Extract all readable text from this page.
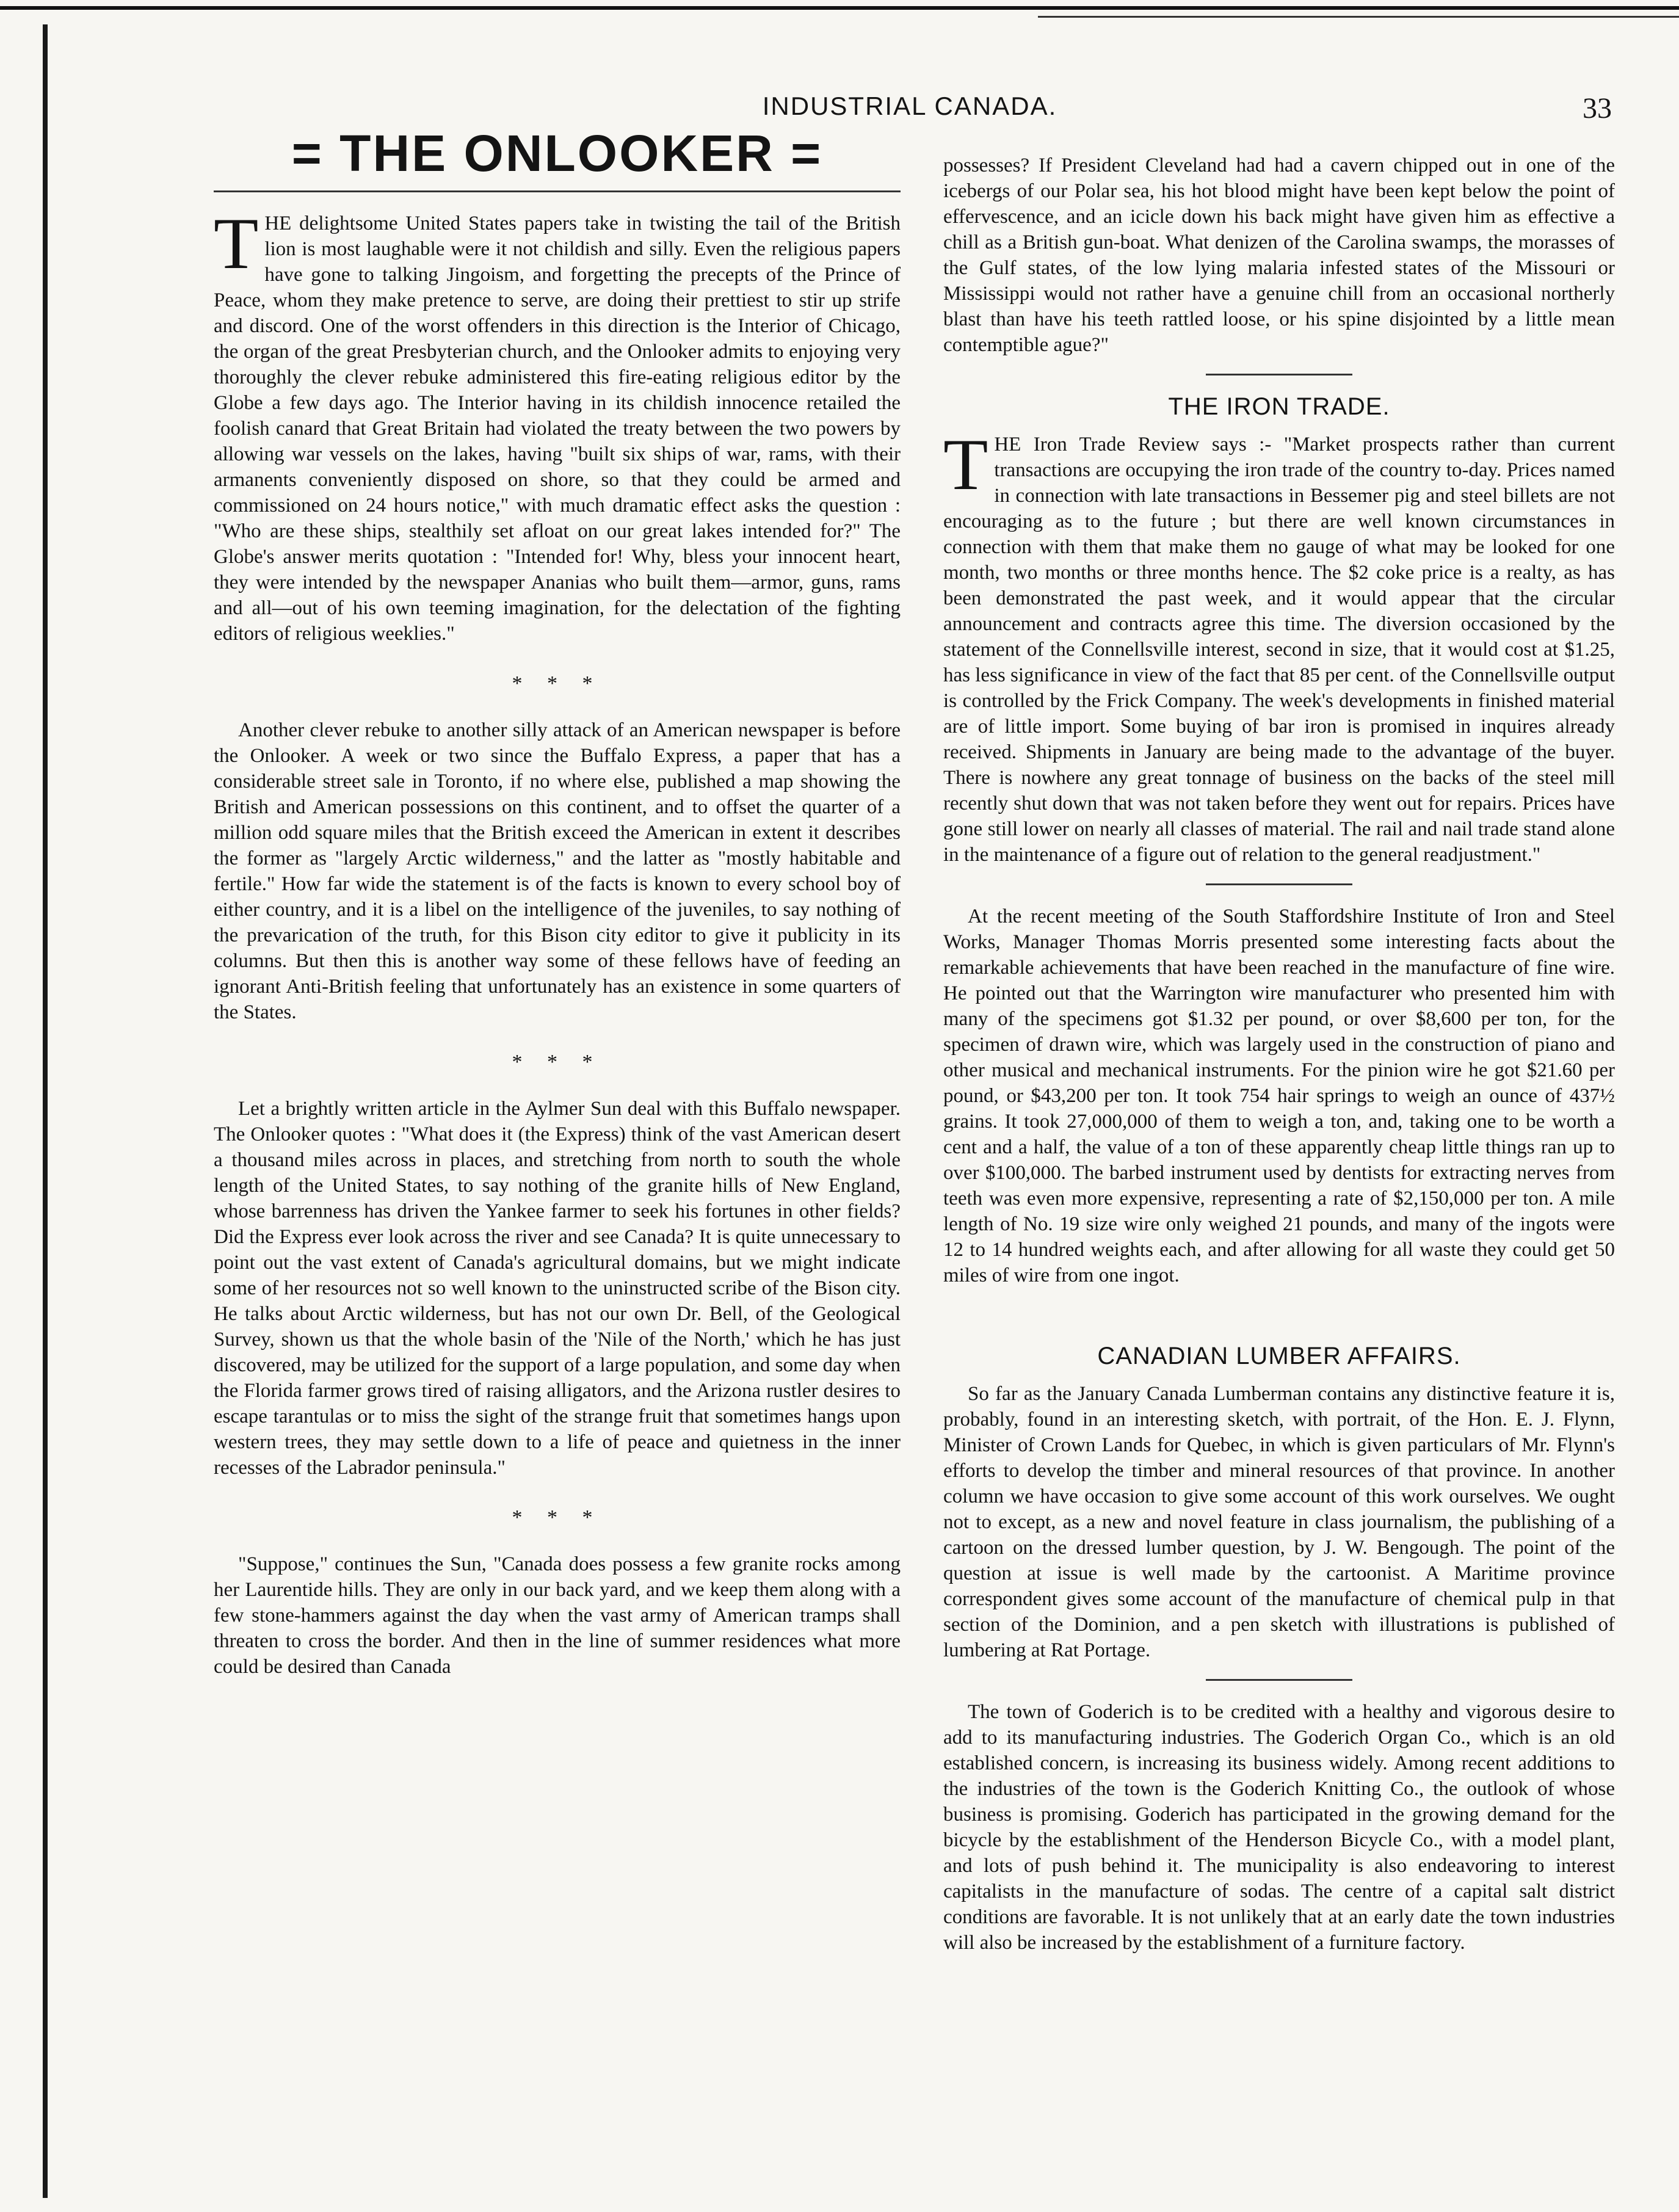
INDUSTRIAL CANADA.	33
= THE ONLOOKER =

THE delightsome United States papers take in twisting the tail of the British lion is most laughable were it not childish and silly. Even the religious papers have gone to talking Jingoism, and forgetting the precepts of the Prince of Peace, whom they make pretence to serve, are doing their prettiest to stir up strife and discord. One of the worst offenders in this direction is the Interior of Chicago, the organ of the great Presbyterian church, and the Onlooker admits to enjoying very thoroughly the clever rebuke administered this fire-eating religious editor by the Globe a few days ago. The Interior having in its childish innocence retailed the foolish canard that Great Britain had violated the treaty between the two powers by allowing war vessels on the lakes, having "built six ships of war, rams, with their armanents conveniently disposed on shore, so that they could be armed and commissioned on 24 hours notice," with much dramatic effect asks the question : "Who are these ships, stealthily set afloat on our great lakes intended for?" The Globe's answer merits quotation : "Intended for! Why, bless your innocent heart, they were intended by the newspaper Ananias who built them—armor, guns, rams and all—out of his own teeming imagination, for the delectation of the fighting editors of religious weeklies."

* * *

Another clever rebuke to another silly attack of an American newspaper is before the Onlooker. A week or two since the Buffalo Express, a paper that has a considerable street sale in Toronto, if no where else, published a map showing the British and American possessions on this continent, and to offset the quarter of a million odd square miles that the British exceed the American in extent it describes the former as "largely Arctic wilderness," and the latter as "mostly habitable and fertile." How far wide the statement is of the facts is known to every school boy of either country, and it is a libel on the intelligence of the juveniles, to say nothing of the prevarication of the truth, for this Bison city editor to give it publicity in its columns. But then this is another way some of these fellows have of feeding an ignorant Anti-British feeling that unfortunately has an existence in some quarters of the States.

* * *

Let a brightly written article in the Aylmer Sun deal with this Buffalo newspaper. The Onlooker quotes : "What does it (the Express) think of the vast American desert a thousand miles across in places, and stretching from north to south the whole length of the United States, to say nothing of the granite hills of New England, whose barrenness has driven the Yankee farmer to seek his fortunes in other fields? Did the Express ever look across the river and see Canada? It is quite unnecessary to point out the vast extent of Canada's agricultural domains, but we might indicate some of her resources not so well known to the uninstructed scribe of the Bison city. He talks about Arctic wilderness, but has not our own Dr. Bell, of the Geological Survey, shown us that the whole basin of the 'Nile of the North,' which he has just discovered, may be utilized for the support of a large population, and some day when the Florida farmer grows tired of raising alligators, and the Arizona rustler desires to escape tarantulas or to miss the sight of the strange fruit that sometimes hangs upon western trees, they may settle down to a life of peace and quietness in the inner recesses of the Labrador peninsula."

* * *

"Suppose," continues the Sun, "Canada does possess a few granite rocks among her Laurentide hills. They are only in our back yard, and we keep them along with a few stone-hammers against the day when the vast army of American tramps shall threaten to cross the border. And then in the line of summer residences what more could be desired than Canada

possesses? If President Cleveland had had a cavern chipped out in one of the icebergs of our Polar sea, his hot blood might have been kept below the point of effervescence, and an icicle down his back might have given him as effective a chill as a British gun-boat. What denizen of the Carolina swamps, the morasses of the Gulf states, of the low lying malaria infested states of the Missouri or Mississippi would not rather have a genuine chill from an occasional northerly blast than have his teeth rattled loose, or his spine disjointed by a little mean contemptible ague?"

THE IRON TRADE.

THE Iron Trade Review says :- "Market prospects rather than current transactions are occupying the iron trade of the country to-day. Prices named in connection with late transactions in Bessemer pig and steel billets are not encouraging as to the future ; but there are well known circumstances in connection with them that make them no gauge of what may be looked for one month, two months or three months hence. The $2 coke price is a realty, as has been demonstrated the past week, and it would appear that the circular announcement and contracts agree this time. The diversion occasioned by the statement of the Connellsville interest, second in size, that it would cost at $1.25, has less significance in view of the fact that 85 per cent. of the Connellsville output is controlled by the Frick Company. The week's developments in finished material are of little import. Some buying of bar iron is promised in inquires already received. Shipments in January are being made to the advantage of the buyer. There is nowhere any great tonnage of business on the backs of the steel mill recently shut down that was not taken before they went out for repairs. Prices have gone still lower on nearly all classes of material. The rail and nail trade stand alone in the maintenance of a figure out of relation to the general readjustment."

At the recent meeting of the South Staffordshire Institute of Iron and Steel Works, Manager Thomas Morris presented some interesting facts about the remarkable achievements that have been reached in the manufacture of fine wire. He pointed out that the Warrington wire manufacturer who presented him with many of the specimens got $1.32 per pound, or over $8,600 per ton, for the specimen of drawn wire, which was largely used in the construction of piano and other musical and mechanical instruments. For the pinion wire he got $21.60 per pound, or $43,200 per ton. It took 754 hair springs to weigh an ounce of 437½ grains. It took 27,000,000 of them to weigh a ton, and, taking one to be worth a cent and a half, the value of a ton of these apparently cheap little things ran up to over $100,000. The barbed instrument used by dentists for extracting nerves from teeth was even more expensive, representing a rate of $2,150,000 per ton. A mile length of No. 19 size wire only weighed 21 pounds, and many of the ingots were 12 to 14 hundred weights each, and after allowing for all waste they could get 50 miles of wire from one ingot.

CANADIAN LUMBER AFFAIRS.

So far as the January Canada Lumberman contains any distinctive feature it is, probably, found in an interesting sketch, with portrait, of the Hon. E. J. Flynn, Minister of Crown Lands for Quebec, in which is given particulars of Mr. Flynn's efforts to develop the timber and mineral resources of that province. In another column we have occasion to give some account of this work ourselves. We ought not to except, as a new and novel feature in class journalism, the publishing of a cartoon on the dressed lumber question, by J. W. Bengough. The point of the question at issue is well made by the cartoonist. A Maritime province correspondent gives some account of the manufacture of chemical pulp in that section of the Dominion, and a pen sketch with illustrations is published of lumbering at Rat Portage.

The town of Goderich is to be credited with a healthy and vigorous desire to add to its manufacturing industries. The Goderich Organ Co., which is an old established concern, is increasing its business widely. Among recent additions to the industries of the town is the Goderich Knitting Co., the outlook of whose business is promising. Goderich has participated in the growing demand for the bicycle by the establishment of the Henderson Bicycle Co., with a model plant, and lots of push behind it. The municipality is also endeavoring to interest capitalists in the manufacture of sodas. The centre of a capital salt district conditions are favorable. It is not unlikely that at an early date the town industries will also be increased by the establishment of a furniture factory.
